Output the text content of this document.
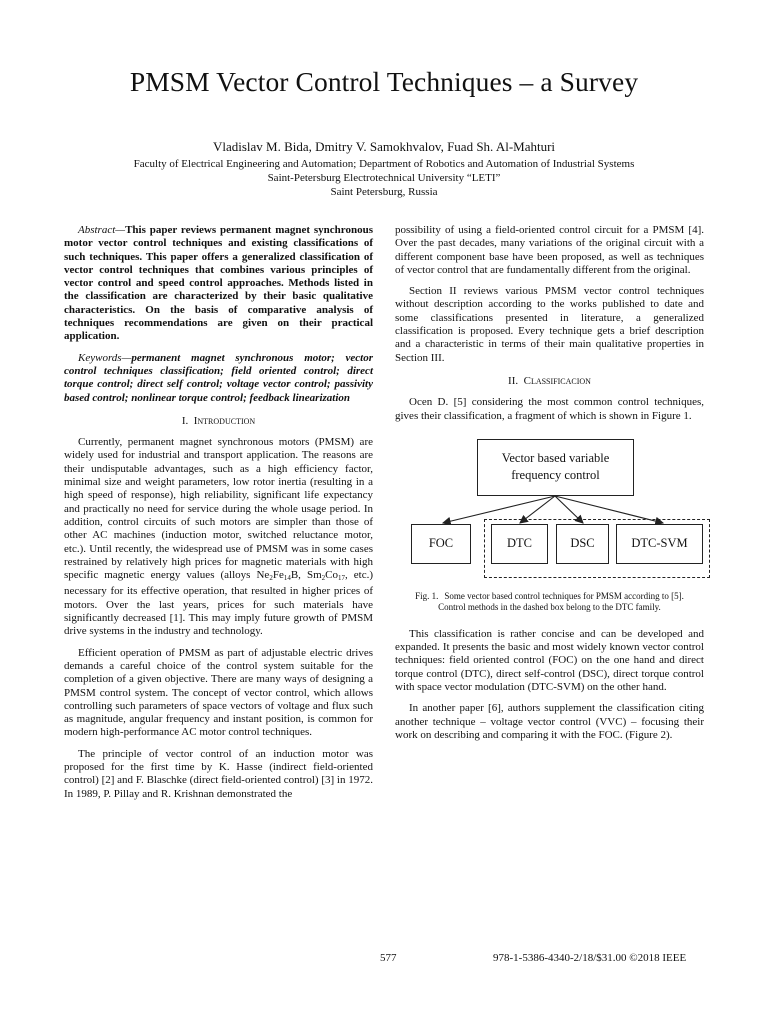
PMSM Vector Control Techniques – a Survey
Vladislav M. Bida, Dmitry V. Samokhvalov, Fuad Sh. Al-Mahturi
Faculty of Electrical Engineering and Automation; Department of Robotics and Automation of Industrial Systems
Saint-Petersburg Electrotechnical University “LETI”
Saint Petersburg, Russia

Abstract—This paper reviews permanent magnet synchronous motor vector control techniques and existing classifications of such techniques. This paper offers a generalized classification of vector control techniques that combines various principles of vector control and speed control approaches. Methods listed in the classification are characterized by their basic qualitative characteristics. On the basis of comparative analysis of techniques recommendations are given on their practical application.

Keywords—permanent magnet synchronous motor; vector control techniques classification; field oriented control; direct torque control; direct self control; voltage vector control; passivity based control; nonlinear torque control; feedback linearization

I. Introduction

Currently, permanent magnet synchronous motors (PMSM) are widely used for industrial and transport application. The reasons are their undisputable advantages, such as a high efficiency factor, minimal size and weight parameters, low rotor inertia (resulting in a high speed of response), high reliability, significant life expectancy and practically no need for service during the whole usage period. In addition, control circuits of such motors are simpler than those of other AC machines (induction motor, switched reluctance motor, etc.). Until recently, the widespread use of PMSM was in some cases restrained by relatively high prices for magnetic materials with high specific magnetic energy values (alloys $Ne_2Fe_{14}B$, $Sm_2Co_{17}$, etc.) necessary for its effective operation, that resulted in higher prices of motors. Over the last years, prices for such materials have significantly decreased [1]. This may imply future growth of PMSM drive systems in the industry and technology.

Efficient operation of PMSM as part of adjustable electric drives demands a careful choice of the control system suitable for the completion of a given objective. There are many ways of designing a PMSM control system. The concept of vector control, which allows controlling such parameters of space vectors of voltage and flux such as magnitude, angular frequency and instant position, is common for modern high-performance AC motor control techniques.

The principle of vector control of an induction motor was proposed for the first time by K. Hasse (indirect field-oriented control) [2] and F. Blaschke (direct field-oriented control) [3] in 1972. In 1989, P. Pillay and R. Krishnan demonstrated the

possibility of using a field-oriented control circuit for a PMSM [4]. Over the past decades, many variations of the original circuit with a different component base have been proposed, as well as techniques of vector control that are fundamentally different from the original.

Section II reviews various PMSM vector control techniques without description according to the works published to date and some classifications presented in literature, a generalized classification is proposed. Every technique gets a brief description and a characteristic in terms of their main qualitative properties in Section III.

II. Classificacion

Ocen D. [5] considering the most common control techniques, gives their classification, a fragment of which is shown in Figure 1.

Vector based variable frequency control
FOC	DTC	DSC	DTC-SVM
Fig. 1. Some vector based control techniques for PMSM according to [5].
Control methods in the dashed box belong to the DTC family.

This classification is rather concise and can be developed and expanded. It presents the basic and most widely known vector control techniques: field oriented control (FOC) on the one hand and direct torque control (DTC), direct self-control (DSC), direct torque control with space vector modulation (DTC-SVM) on the other hand.

In another paper [6], authors supplement the classification citing another technique – voltage vector control (VVC) – focusing their work on describing and comparing it with the FOC. (Figure 2).

577	978-1-5386-4340-2/18/$31.00 ©2018 IEEE
